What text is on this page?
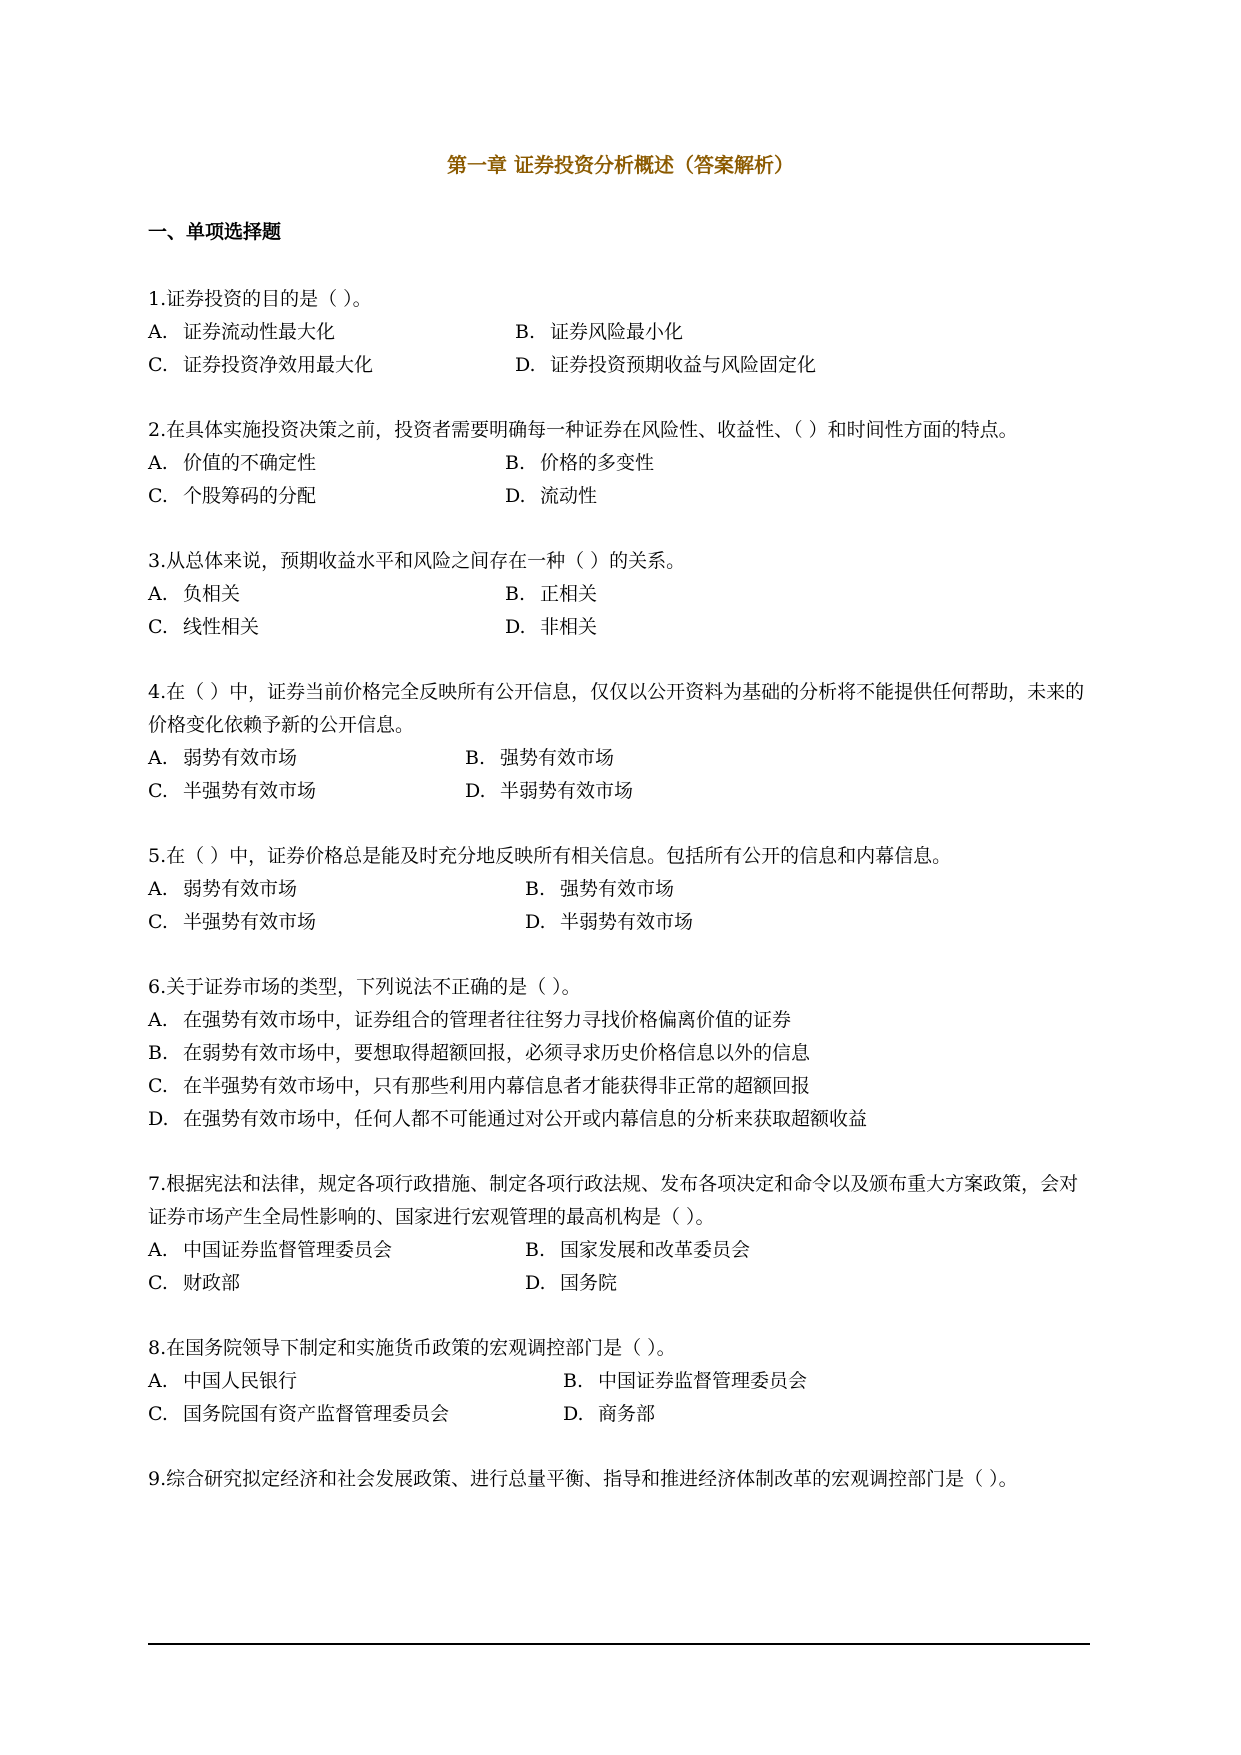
第一章 证券投资分析概述（答案解析）
一、单项选择题

1.证券投资的目的是（ ）。

A. 证券流动性最大化	B. 证券风险最小化
C. 证券投资净效用最大化	D. 证券投资预期收益与风险固定化

2.在具体实施投资决策之前，投资者需要明确每一种证券在风险性、收益性、（ ）和时间性方面的特点。

A. 价值的不确定性	B. 价格的多变性
C. 个股筹码的分配	D. 流动性

3.从总体来说，预期收益水平和风险之间存在一种（ ）的关系。

A. 负相关	B. 正相关
C. 线性相关	D. 非相关

4.在（ ）中，证券当前价格完全反映所有公开信息，仅仅以公开资料为基础的分析将不能提供任何帮助，未来的价格变化依赖予新的公开信息。

A. 弱势有效市场	B. 强势有效市场
C. 半强势有效市场	D. 半弱势有效市场

5.在（ ）中，证券价格总是能及时充分地反映所有相关信息。包括所有公开的信息和内幕信息。

A. 弱势有效市场	B. 强势有效市场
C. 半强势有效市场	D. 半弱势有效市场

6.关于证券市场的类型，下列说法不正确的是（ ）。

A. 在强势有效市场中，证券组合的管理者往往努力寻找价格偏离价值的证券
B. 在弱势有效市场中，要想取得超额回报，必须寻求历史价格信息以外的信息
C. 在半强势有效市场中，只有那些利用内幕信息者才能获得非正常的超额回报
D. 在强势有效市场中，任何人都不可能通过对公开或内幕信息的分析来获取超额收益

7.根据宪法和法律，规定各项行政措施、制定各项行政法规、发布各项决定和命令以及颁布重大方案政策，会对证券市场产生全局性影响的、国家进行宏观管理的最高机构是（ ）。

A. 中国证券监督管理委员会	B. 国家发展和改革委员会
C. 财政部	D. 国务院

8.在国务院领导下制定和实施货币政策的宏观调控部门是（ ）。

A. 中国人民银行	B. 中国证券监督管理委员会
C. 国务院国有资产监督管理委员会	D. 商务部

9.综合研究拟定经济和社会发展政策、进行总量平衡、指导和推进经济体制改革的宏观调控部门是（ ）。
